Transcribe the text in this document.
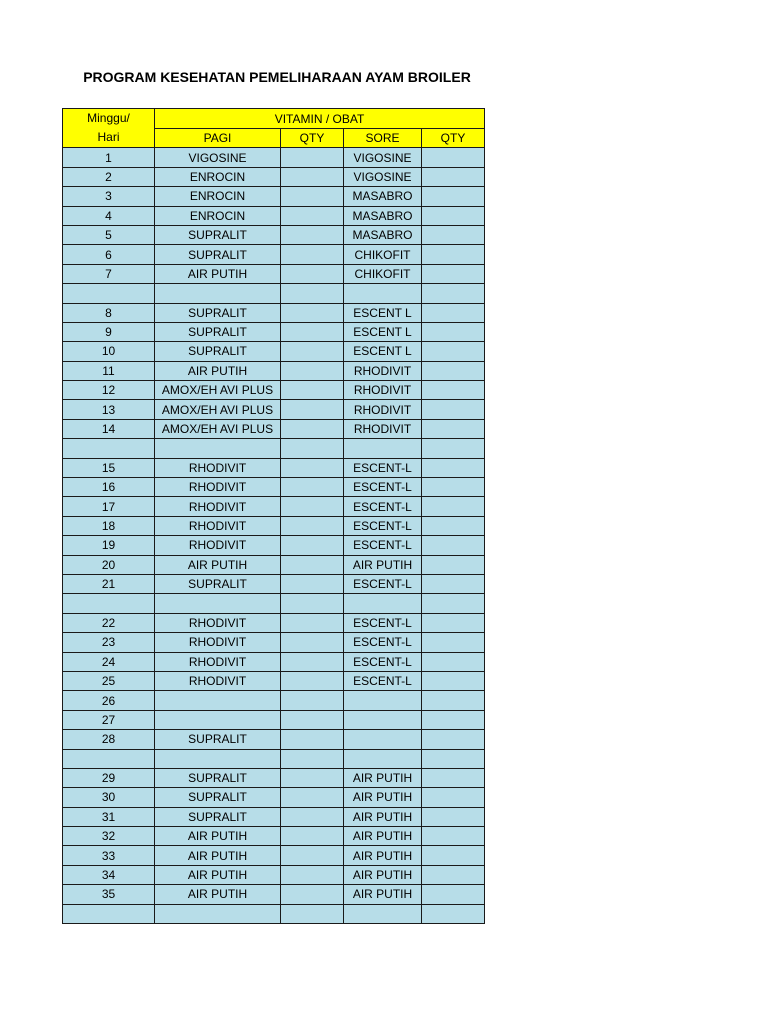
PROGRAM KESEHATAN PEMELIHARAAN AYAM BROILER
Minggu/
Hari	VITAMIN / OBAT			
	PAGI	QTY	SORE	QTY
1	VIGOSINE		VIGOSINE	
2	ENROCIN		VIGOSINE	
3	ENROCIN		MASABRO	
4	ENROCIN		MASABRO	
5	SUPRALIT		MASABRO	
6	SUPRALIT		CHIKOFIT	
7	AIR PUTIH		CHIKOFIT	

8	SUPRALIT		ESCENT L	
9	SUPRALIT		ESCENT L	
10	SUPRALIT		ESCENT L	
11	AIR PUTIH		RHODIVIT	
12	AMOX/EH AVI PLUS		RHODIVIT	
13	AMOX/EH AVI PLUS		RHODIVIT	
14	AMOX/EH AVI PLUS		RHODIVIT	

15	RHODIVIT		ESCENT-L	
16	RHODIVIT		ESCENT-L	
17	RHODIVIT		ESCENT-L	
18	RHODIVIT		ESCENT-L	
19	RHODIVIT		ESCENT-L	
20	AIR PUTIH		AIR PUTIH	
21	SUPRALIT		ESCENT-L	

22	RHODIVIT		ESCENT-L	
23	RHODIVIT		ESCENT-L	
24	RHODIVIT		ESCENT-L	
25	RHODIVIT		ESCENT-L	
26				
27				
28	SUPRALIT			

29	SUPRALIT		AIR PUTIH	
30	SUPRALIT		AIR PUTIH	
31	SUPRALIT		AIR PUTIH	
32	AIR PUTIH		AIR PUTIH	
33	AIR PUTIH		AIR PUTIH	
34	AIR PUTIH		AIR PUTIH	
35	AIR PUTIH		AIR PUTIH	
